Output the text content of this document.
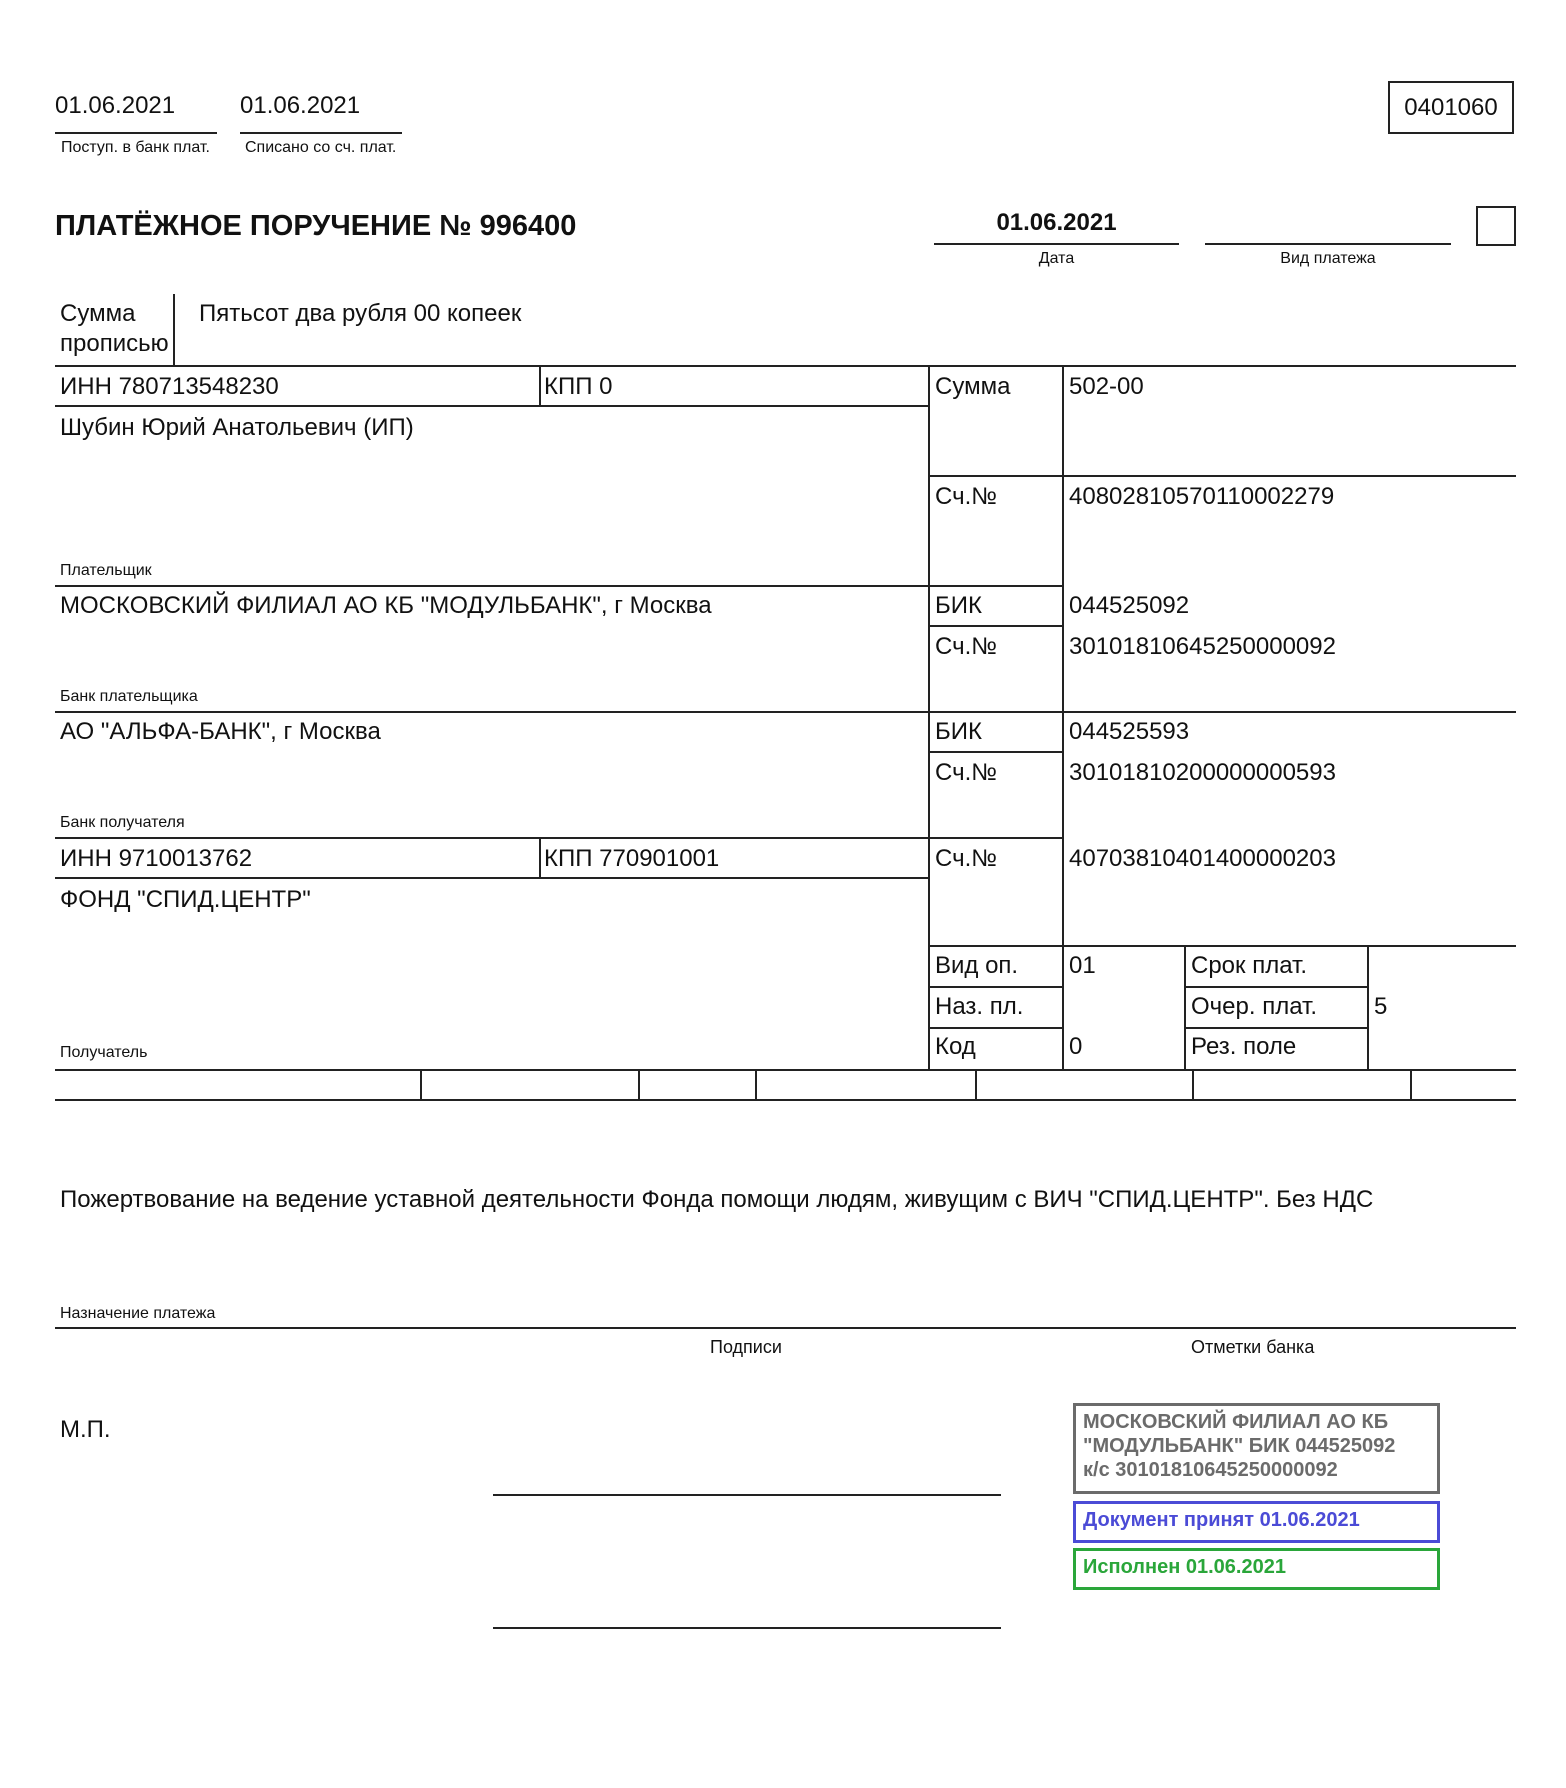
01.06.2021
Поступ. в банк плат.
01.06.2021
Списано со сч. плат.
0401060
ПЛАТЁЖНОЕ ПОРУЧЕНИЕ № 996400	01.06.2021
Дата	Вид платежа
Сумма
прописью
Пятьсот два рубля 00 копеек
ИНН 780713548230	КПП 0
Шубин Юрий Анатольевич (ИП)
Плательщик
Сумма 502-00
Сч.№	40802810570110002279
МОСКОВСКИЙ ФИЛИАЛ АО КБ "МОДУЛЬБАНК", г Москва
Банк плательщика
БИК	044525092
Сч.№	30101810645250000092
АО "АЛЬФА-БАНК", г Москва
Банк получателя
БИК	044525593
Сч.№	30101810200000000593
ИНН 9710013762	КПП 770901001
ФОНД "СПИД.ЦЕНТР"
Получатель
Сч.№	40703810401400000203
Вид оп. 01	Срок плат.
Наз. пл.	Очер. плат. 5
Код	0	Рез. поле
Пожертвование на ведение уставной деятельности Фонда помощи людям, живущим с ВИЧ "СПИД.ЦЕНТР". Без НДС
Назначение платежа
Подписи	Отметки банка
М.П.	МОСКОВСКИЙ ФИЛИАЛ АО КБ
"МОДУЛЬБАНК" БИК 044525092
к/с 30101810645250000092
Документ принят 01.06.2021
Исполнен 01.06.2021
